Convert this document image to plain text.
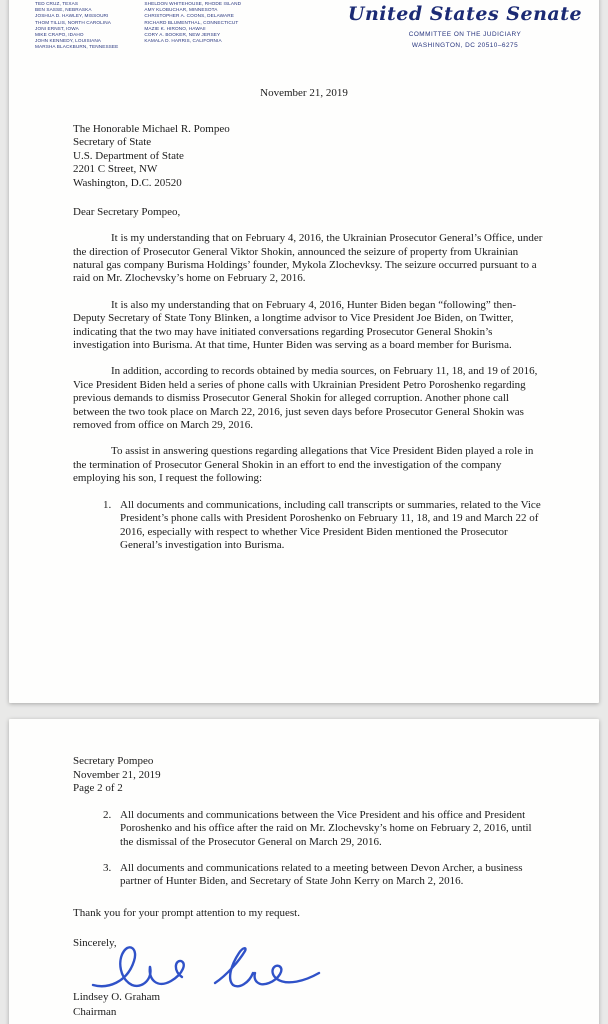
TED CRUZ, TEXAS
BEN SASSE, NEBRASKA
JOSHUA D. HAWLEY, MISSOURI
THOM TILLIS, NORTH CAROLINA
JONI ERNST, IOWA
MIKE CRAPO, IDAHO
JOHN KENNEDY, LOUISIANA
MARSHA BLACKBURN, TENNESSEE
SHELDON WHITEHOUSE, RHODE ISLAND
AMY KLOBUCHAR, MINNESOTA
CHRISTOPHER A. COONS, DELAWARE
RICHARD BLUMENTHAL, CONNECTICUT
MAZIE K. HIRONO, HAWAII
CORY A. BOOKER, NEW JERSEY
KAMALA D. HARRIS, CALIFORNIA
United States Senate
COMMITTEE ON THE JUDICIARY
WASHINGTON, DC 20510–6275
November 21, 2019
The Honorable Michael R. Pompeo
Secretary of State
U.S. Department of State
2201 C Street, NW
Washington, D.C. 20520
Dear Secretary Pompeo,

It is my understanding that on February 4, 2016, the Ukrainian Prosecutor General’s Office, under the direction of Prosecutor General Viktor Shokin, announced the seizure of property from Ukrainian natural gas company Burisma Holdings’ founder, Mykola Zlochevksy. The seizure occurred pursuant to a raid on Mr. Zlochevsky’s home on February 2, 2016.

It is also my understanding that on February 4, 2016, Hunter Biden began “following” then-Deputy Secretary of State Tony Blinken, a longtime advisor to Vice President Joe Biden, on Twitter, indicating that the two may have initiated conversations regarding Prosecutor General Shokin’s investigation into Burisma. At that time, Hunter Biden was serving as a board member for Burisma.

In addition, according to records obtained by media sources, on February 11, 18, and 19 of 2016, Vice President Biden held a series of phone calls with Ukrainian President Petro Poroshenko regarding previous demands to dismiss Prosecutor General Shokin for alleged corruption. Another phone call between the two took place on March 22, 2016, just seven days before Prosecutor General Shokin was removed from office on March 29, 2016.

To assist in answering questions regarding allegations that Vice President Biden played a role in the termination of Prosecutor General Shokin in an effort to end the investigation of the company employing his son, I request the following:

1. All documents and communications, including call transcripts or summaries, related to the Vice President’s phone calls with President Poroshenko on February 11, 18, and 19 and March 22 of 2016, especially with respect to whether Vice President Biden mentioned the Prosecutor General’s investigation into Burisma.
Secretary Pompeo
November 21, 2019
Page 2 of 2
2. All documents and communications between the Vice President and his office and President Poroshenko and his office after the raid on Mr. Zlochevsky’s home on February 2, 2016, until the dismissal of the Prosecutor General on March 29, 2016.
3. All documents and communications related to a meeting between Devon Archer, a business partner of Hunter Biden, and Secretary of State John Kerry on March 2, 2016.
Thank you for your prompt attention to my request.
Sincerely,
Lindsey O. Graham
Chairman
